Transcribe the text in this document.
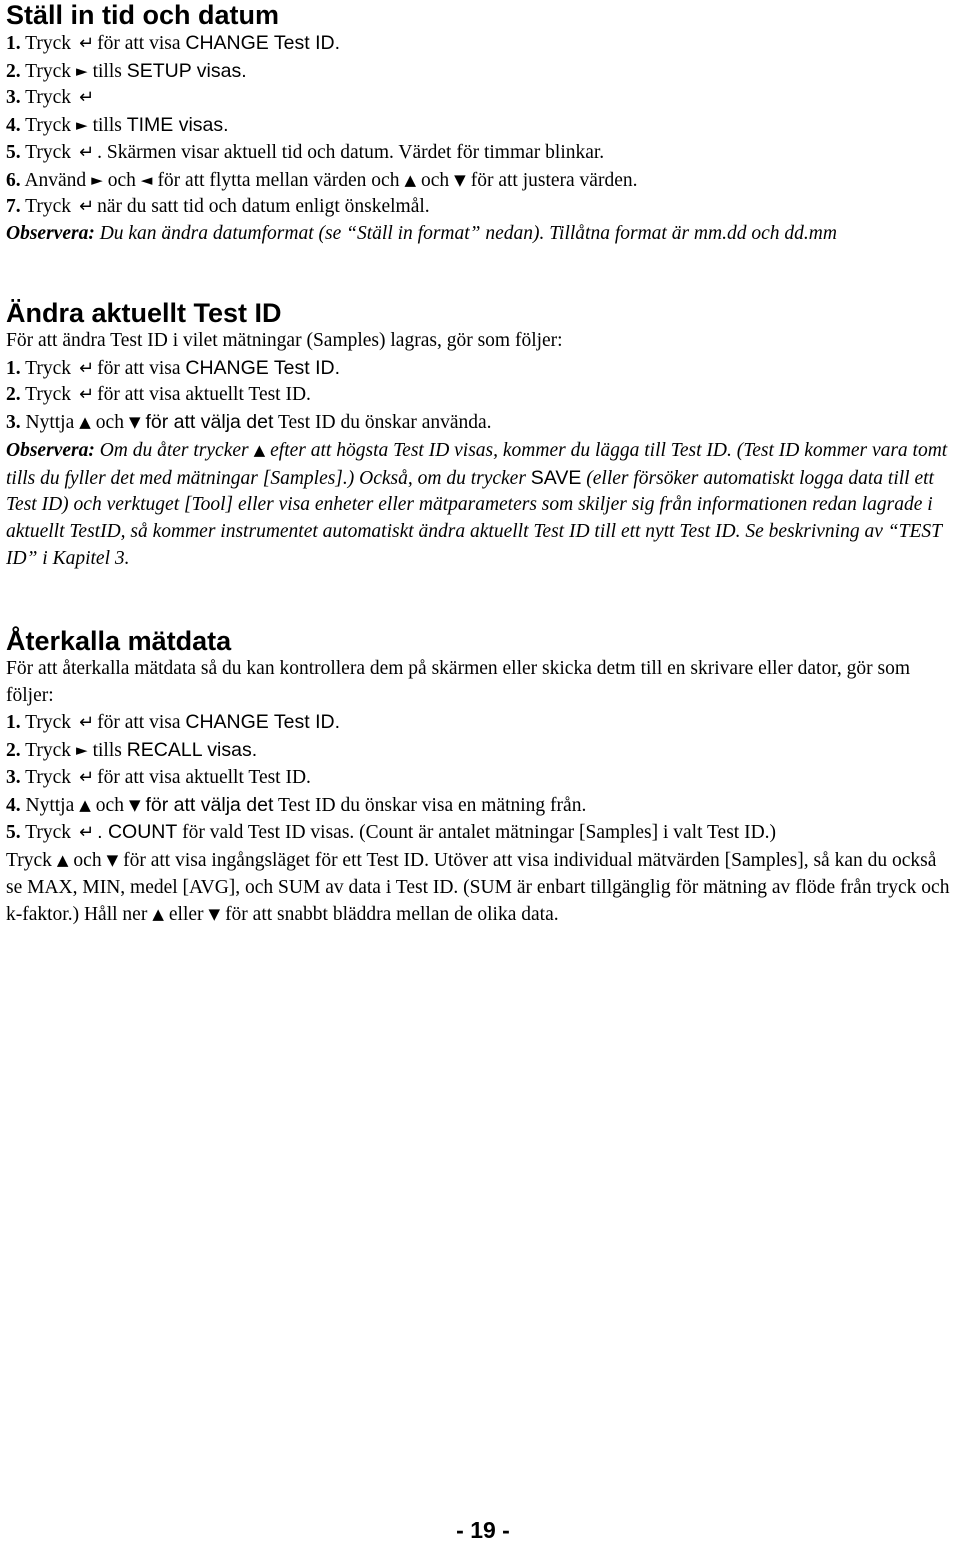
Ställ in tid och datum
1. Tryck ↵ för att visa CHANGE Test ID.
2. Tryck ► tills SETUP visas.
3. Tryck ↵
4. Tryck ► tills TIME visas.
5. Tryck ↵ . Skärmen visar aktuell tid och datum. Värdet för timmar blinkar.
6. Använd ► och ◄ för att flytta mellan värden och ▲ och ▼ för att justera värden.
7. Tryck ↵ när du satt tid och datum enligt önskelmål.
Observera: Du kan ändra datumformat (se “Ställ in format” nedan). Tillåtna format är mm.dd och dd.mm
Ändra aktuellt Test ID
För att ändra Test ID i vilet mätningar (Samples) lagras, gör som följer:
1. Tryck ↵ för att visa CHANGE Test ID.
2. Tryck ↵ för att visa aktuellt Test ID.
3. Nyttja ▲ och ▼ för att välja det Test ID du önskar använda.
Observera: Om du åter trycker ▲ efter att högsta Test ID visas, kommer du lägga till Test ID. (Test ID kommer vara tomt tills du fyller det med mätningar [Samples].) Också, om du trycker SAVE (eller försöker automatiskt logga data till ett Test ID) och verktuget [Tool] eller visa enheter eller mätparameters som skiljer sig från informationen redan lagrade i aktuellt TestID, så kommer instrumentet automatiskt ändra aktuellt Test ID till ett nytt Test ID. Se beskrivning av “TEST ID” i Kapitel 3.
Återkalla mätdata
För att återkalla mätdata så du kan kontrollera dem på skärmen eller skicka detm till en skrivare eller dator, gör som följer:
1. Tryck ↵ för att visa CHANGE Test ID.
2. Tryck ► tills RECALL visas.
3. Tryck ↵ för att visa aktuellt Test ID.
4. Nyttja ▲ och ▼ för att välja det Test ID du önskar visa en mätning från.
5. Tryck ↵ . COUNT för vald Test ID visas. (Count är antalet mätningar [Samples] i valt Test ID.)
Tryck ▲ och ▼ för att visa ingångsläget för ett Test ID. Utöver att visa individual mätvärden [Samples], så kan du också se MAX, MIN, medel [AVG], och SUM av data i Test ID. (SUM är enbart tillgänglig för mätning av flöde från tryck och k-faktor.) Håll ner ▲ eller ▼ för att snabbt bläddra mellan de olika data.
- 19 -
